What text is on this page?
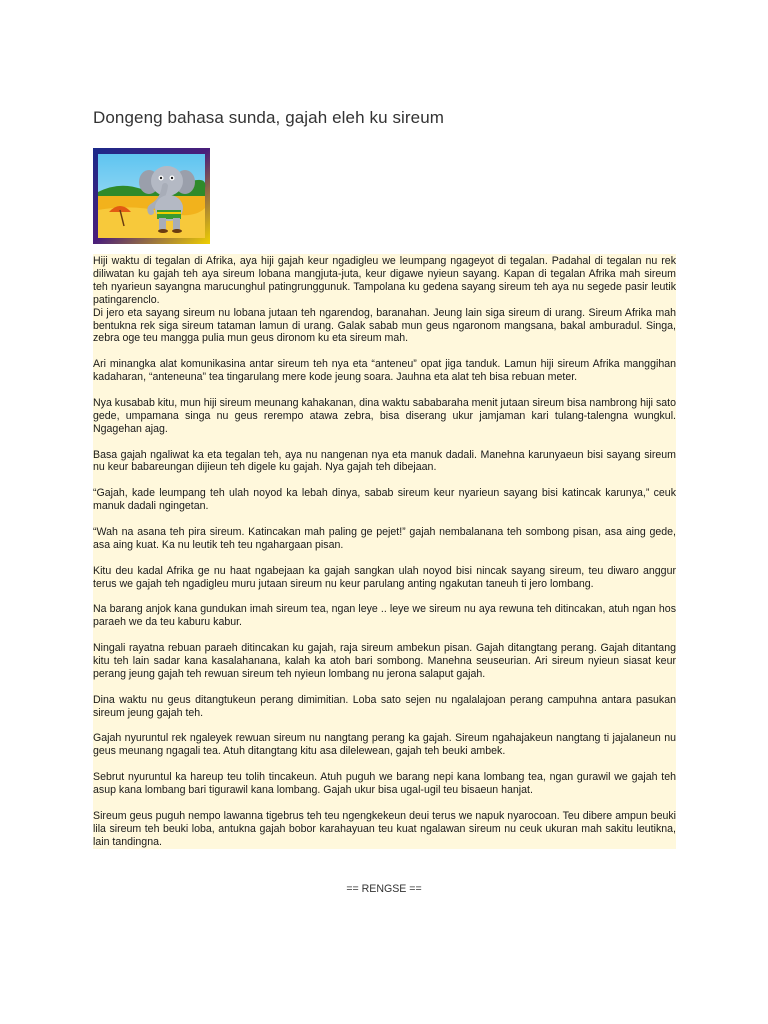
Dongeng bahasa sunda, gajah eleh ku sireum

Hiji waktu di tegalan di Afrika, aya hiji gajah keur ngadigleu we leumpang ngageyot di tegalan. Padahal di tegalan nu rek diliwatan ku gajah teh aya sireum lobana mangjuta-juta, keur digawe nyieun sayang. Kapan di tegalan Afrika mah sireum teh nyarieun sayangna marucunghul patingrunggunuk. Tampolana ku gedena sayang sireum teh aya nu segede pasir leutik patingarenclo.
Di jero eta sayang sireum nu lobana jutaan teh ngarendog, baranahan. Jeung lain siga sireum di urang. Sireum Afrika mah bentukna rek siga sireum tataman lamun di urang. Galak sabab mun geus ngaronom mangsana, bakal amburadul. Singa, zebra oge teu mangga pulia mun geus dironom ku eta sireum mah.

Ari minangka alat komunikasina antar sireum teh nya eta “anteneu” opat jiga tanduk. Lamun hiji sireum Afrika manggihan kadaharan, “anteneuna” tea tingarulang mere kode jeung soara. Jauhna eta alat teh bisa rebuan meter.

Nya kusabab kitu, mun hiji sireum meunang kahakanan, dina waktu sababaraha menit jutaan sireum bisa nambrong hiji sato gede, umpamana singa nu geus rerempo atawa zebra, bisa diserang ukur jamjaman kari tulang-talengna wungkul. Ngagehan ajag.

Basa gajah ngaliwat ka eta tegalan teh, aya nu nangenan nya eta manuk dadali. Manehna karunyaeun bisi sayang sireum nu keur babareungan dijieun teh digele ku gajah. Nya gajah teh dibejaan.

“Gajah, kade leumpang teh ulah noyod ka lebah dinya, sabab sireum keur nyarieun sayang bisi katincak karunya,” ceuk manuk dadali ngingetan.

“Wah na asana teh pira sireum. Katincakan mah paling ge pejet!” gajah nembalanana teh sombong pisan, asa aing gede, asa aing kuat. Ka nu leutik teh teu ngahargaan pisan.

Kitu deu kadal Afrika ge nu haat ngabejaan ka gajah sangkan ulah noyod bisi nincak sayang sireum, teu diwaro anggur terus we gajah teh ngadigleu muru jutaan sireum nu keur parulang anting ngakutan taneuh ti jero lombang.

Na barang anjok kana gundukan imah sireum tea, ngan leye .. leye we sireum nu aya rewuna teh ditincakan, atuh ngan hos paraeh we da teu kaburu kabur.

Ningali rayatna rebuan paraeh ditincakan ku gajah, raja sireum ambekun pisan. Gajah ditangtang perang. Gajah ditantang kitu teh lain sadar kana kasalahanana, kalah ka atoh bari sombong. Manehna seuseurian. Ari sireum nyieun siasat keur perang jeung gajah teh rewuan sireum teh nyieun lombang nu jerona salaput gajah.

Dina waktu nu geus ditangtukeun perang dimimitian. Loba sato sejen nu ngalalajoan perang campuhna antara pasukan sireum jeung gajah teh.

Gajah nyuruntul rek ngaleyek rewuan sireum nu nangtang perang ka gajah. Sireum ngahajakeun nangtang ti jajalaneun nu geus meunang ngagali tea. Atuh ditangtang kitu asa dilelewean, gajah teh beuki ambek.

Sebrut nyuruntul ka hareup teu tolih tincakeun. Atuh puguh we barang nepi kana lombang tea, ngan gurawil we gajah teh asup kana lombang bari tigurawil kana lombang. Gajah ukur bisa ugal-ugil teu bisaeun hanjat.

Sireum geus puguh nempo lawanna tigebrus teh teu ngengkekeun deui terus we napuk nyarocoan. Teu dibere ampun beuki lila sireum teh beuki loba, antukna gajah bobor karahayuan teu kuat ngalawan sireum nu ceuk ukuran mah sakitu leutikna, lain tandingna.

== RENGSE ==
